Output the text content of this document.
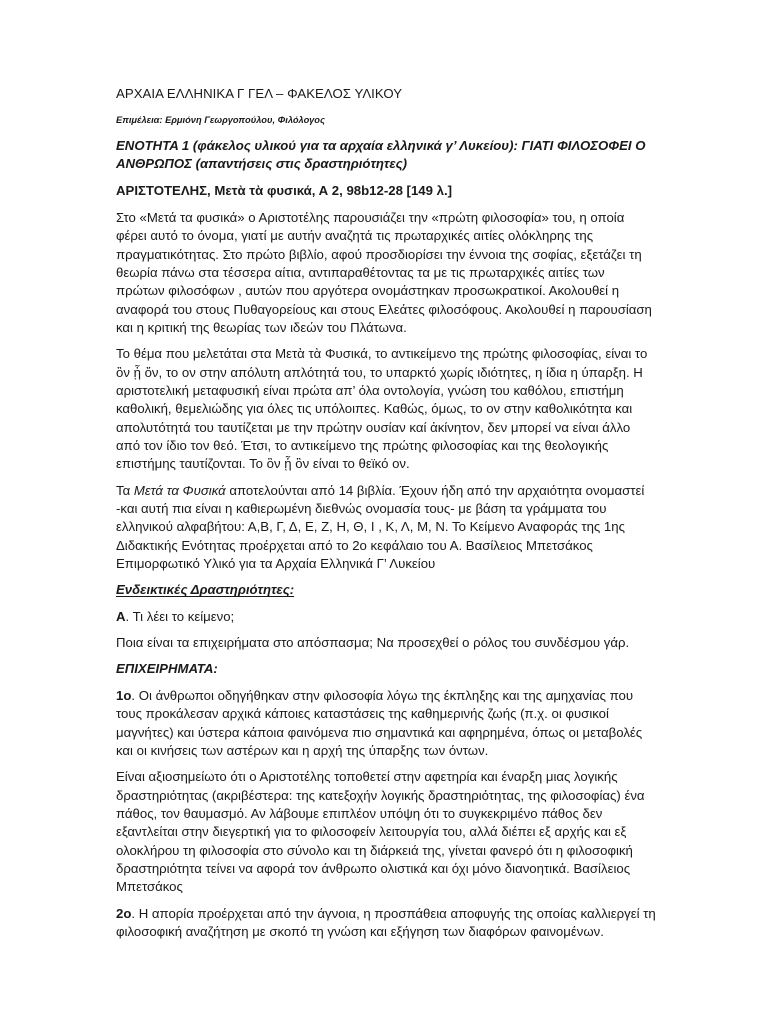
ΑΡΧΑΙΑ ΕΛΛΗΝΙΚΑ Γ ΓΕΛ – ΦΑΚΕΛΟΣ ΥΛΙΚΟΥ
Επιμέλεια: Ερμιόνη Γεωργοπούλου, Φιλόλογος
ΕΝΟΤΗΤΑ 1 (φάκελος υλικού για τα αρχαία ελληνικά γ’ Λυκείου): ΓΙΑΤΙ ΦΙΛΟΣΟΦΕΙ Ο ΑΝΘΡΩΠΟΣ (απαντήσεις στις δραστηριότητες)
ΑΡΙΣΤΟΤΕΛΗΣ, Μετὰ τὰ φυσικά, Α 2, 98b12-28 [149 λ.]

Στο «Μετά τα φυσικά» ο Αριστοτέλης παρουσιάζει την «πρώτη φιλοσοφία» του, η οποία φέρει αυτό το όνομα, γιατί με αυτήν αναζητά τις πρωταρχικές αιτίες ολόκληρης της πραγματικότητας. Στο πρώτο βιβλίο, αφού προσδιορίσει την έννοια της σοφίας, εξετάζει τη θεωρία πάνω στα τέσσερα αίτια, αντιπαραθέτοντας τα με τις πρωταρχικές αιτίες των πρώτων φιλοσόφων , αυτών που αργότερα ονομάστηκαν προσωκρατικοί. Ακολουθεί η αναφορά του στους Πυθαγορείους και στους Ελεάτες φιλοσόφους. Ακολουθεί η παρουσίαση και η κριτική της θεωρίας των ιδεών του Πλάτωνα.

Το θέμα που μελετάται στα Μετὰ τὰ Φυσικά, το αντικείμενο της πρώτης φιλοσοφίας, είναι το ὂν ᾗ ὄν, το ον στην απόλυτη απλότητά του, το υπαρκτό χωρίς ιδιότητες, η ίδια η ύπαρξη. Η αριστοτελική μεταφυσική είναι πρώτα απ’ όλα οντολογία, γνώση του καθόλου, επιστήμη καθολική, θεμελιώδης για όλες τις υπόλοιπες. Καθώς, όμως, το ον στην καθολικότητα και απολυτότητά του ταυτίζεται με την πρώτην ουσίαν καί ἀκίνητον, δεν μπορεί να είναι άλλο από τον ίδιο τον θεό. Έτσι, το αντικείμενο της πρώτης φιλοσοφίας και της θεολογικής επιστήμης ταυτίζονται. Το ὂν ᾗ ὂν είναι το θεϊκό ον.

Τα Μετά τα Φυσικά αποτελούνται από 14 βιβλία. Έχουν ήδη από την αρχαιότητα ονομαστεί -και αυτή πια είναι η καθιερωμένη διεθνώς ονομασία τους- με βάση τα γράμματα του ελληνικού αλφαβήτου: Α,Β, Γ, Δ, Ε, Ζ, Η, Θ, Ι , Κ, Λ, Μ, Ν. Το Κείμενο Αναφοράς της 1ης Διδακτικής Ενότητας προέρχεται από το 2ο κεφάλαιο του Α. Βασίλειος Μπετσάκος Επιμορφωτικό Υλικό για τα Αρχαία Ελληνικά Γ’ Λυκείου

Ενδεικτικές Δραστηριότητες:

Α. Τι λέει το κείμενο;

Ποια είναι τα επιχειρήματα στο απόσπασμα; Να προσεχθεί ο ρόλος του συνδέσμου γάρ.

ΕΠΙΧΕΙΡΗΜΑΤΑ:

1ο. Οι άνθρωποι οδηγήθηκαν στην φιλοσοφία λόγω της έκπληξης και της αμηχανίας που τους προκάλεσαν αρχικά κάποιες καταστάσεις της καθημερινής ζωής (π.χ. οι φυσικοί μαγνήτες) και ύστερα κάποια φαινόμενα πιο σημαντικά και αφηρημένα, όπως οι μεταβολές και οι κινήσεις των αστέρων και η αρχή της ύπαρξης των όντων.

Είναι αξιοσημείωτο ότι ο Αριστοτέλης τοποθετεί στην αφετηρία και έναρξη μιας λογικής δραστηριότητας (ακριβέστερα: της κατεξοχήν λογικής δραστηριότητας, της φιλοσοφίας) ένα πάθος, τον θαυμασμό. Αν λάβουμε επιπλέον υπόψη ότι το συγκεκριμένο πάθος δεν εξαντλείται στην διεγερτική για το φιλοσοφείν λειτουργία του, αλλά διέπει εξ αρχής και εξ ολοκλήρου τη φιλοσοφία στο σύνολο και τη διάρκειά της, γίνεται φανερό ότι η φιλοσοφική δραστηριότητα τείνει να αφορά τον άνθρωπο ολιστικά και όχι μόνο διανοητικά. Βασίλειος Μπετσάκος

2ο. Η απορία προέρχεται από την άγνοια, η προσπάθεια αποφυγής της οποίας καλλιεργεί τη φιλοσοφική αναζήτηση με σκοπό τη γνώση και εξήγηση των διαφόρων φαινομένων.
